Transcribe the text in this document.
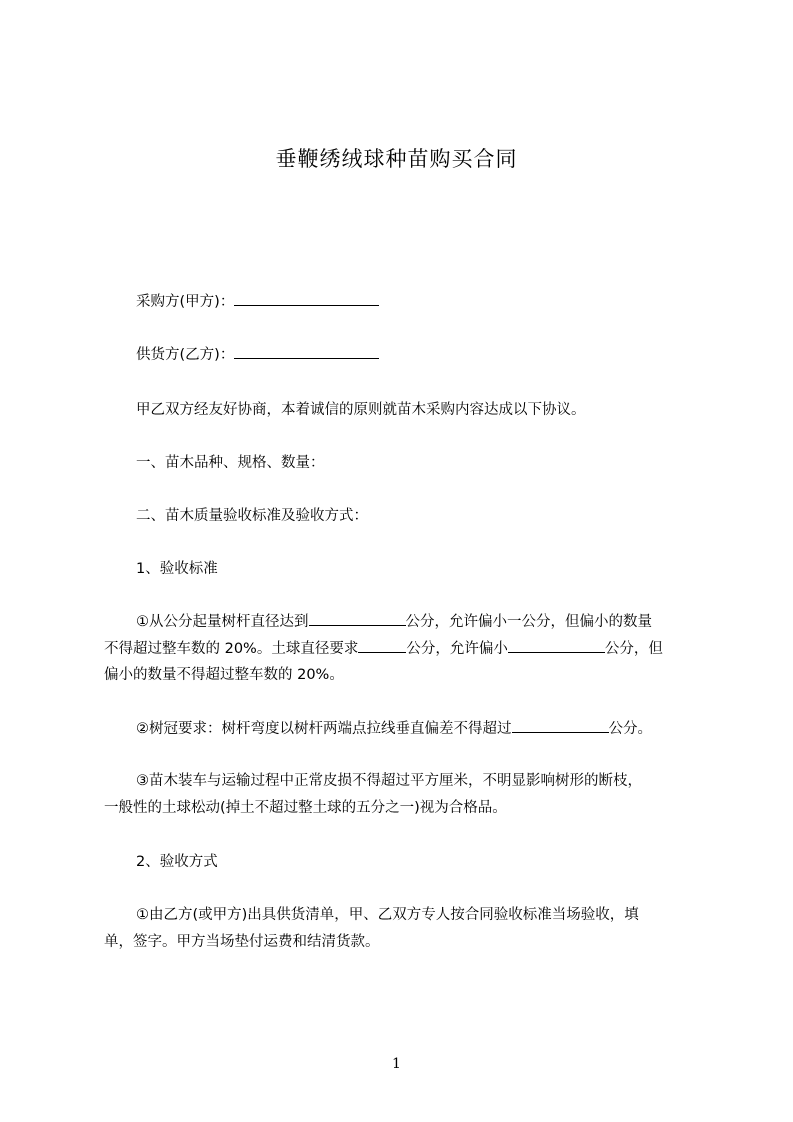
垂鞭绣绒球种苗购买合同
采购方(甲方)：
供货方(乙方)：
甲乙双方经友好协商，本着诚信的原则就苗木采购内容达成以下协议。
一、苗木品种、规格、数量：
二、苗木质量验收标准及验收方式：
1、验收标准
①从公分起量树杆直径达到	公分，允许偏小一公分，但偏小的数量
不得超过整车数的 20%。土球直径要求	公分，允许偏小	公分，但
偏小的数量不得超过整车数的 20%。
②树冠要求：树杆弯度以树杆两端点拉线垂直偏差不得超过	公分。
③苗木装车与运输过程中正常皮损不得超过平方厘米，不明显影响树形的断枝，
一般性的土球松动(掉土不超过整土球的五分之一)视为合格品。
2、验收方式
①由乙方(或甲方)出具供货清单，甲、乙双方专人按合同验收标准当场验收，填
单，签字。甲方当场垫付运费和结清货款。
1
